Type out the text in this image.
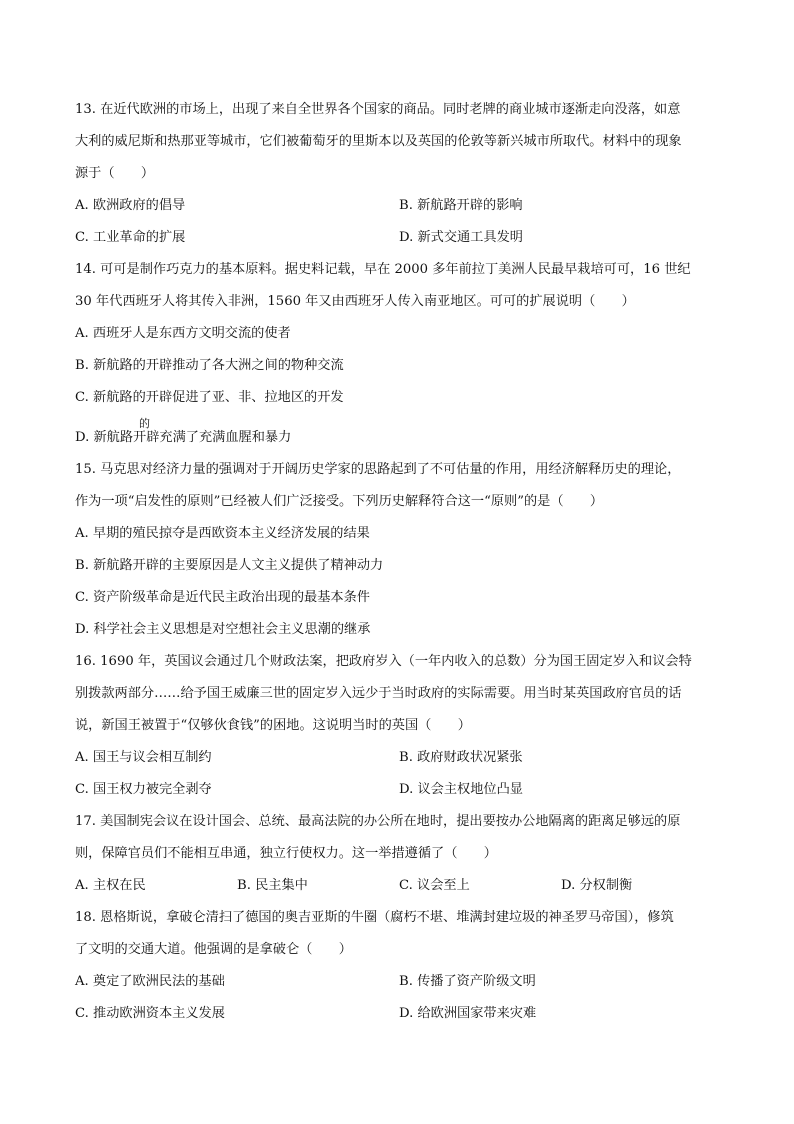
13. 在近代欧洲的市场上，出现了来自全世界各个国家的商品。同时老牌的商业城市逐渐走向没落，如意
大利的威尼斯和热那亚等城市，它们被葡萄牙的里斯本以及英国的伦敦等新兴城市所取代。材料中的现象
源于（　　）
A. 欧洲政府的倡导	B. 新航路开辟的影响
C. 工业革命的扩展	D. 新式交通工具发明
14. 可可是制作巧克力的基本原料。据史料记载，早在 2000 多年前拉丁美洲人民最早栽培可可，16 世纪
30 年代西班牙人将其传入非洲，1560 年又由西班牙人传入南亚地区。可可的扩展说明（　　）
A. 西班牙人是东西方文明交流的使者
B. 新航路的开辟推动了各大洲之间的物种交流
C. 新航路的开辟促进了亚、非、拉地区的开发
D. 新航路开辟充满了充满血腥和暴力
的
15. 马克思对经济力量的强调对于开阔历史学家的思路起到了不可估量的作用，用经济解释历史的理论，
作为一项“启发性的原则”已经被人们广泛接受。下列历史解释符合这一“原则”的是（　　）
A. 早期的殖民掠夺是西欧资本主义经济发展的结果
B. 新航路开辟的主要原因是人文主义提供了精神动力
C. 资产阶级革命是近代民主政治出现的最基本条件
D. 科学社会主义思想是对空想社会主义思潮的继承
16. 1690 年，英国议会通过几个财政法案，把政府岁入（一年内收入的总数）分为国王固定岁入和议会特
别拨款两部分……给予国王威廉三世的固定岁入远少于当时政府的实际需要。用当时某英国政府官员的话
说，新国王被置于“仅够伙食钱”的困地。这说明当时的英国（　　）
A. 国王与议会相互制约	B. 政府财政状况紧张
C. 国王权力被完全剥夺	D. 议会主权地位凸显
17. 美国制宪会议在设计国会、总统、最高法院的办公所在地时，提出要按办公地隔离的距离足够远的原
则，保障官员们不能相互串通，独立行使权力。这一举措遵循了（　　）
A. 主权在民	B. 民主集中	C. 议会至上	D. 分权制衡
18. 恩格斯说，拿破仑清扫了德国的奥吉亚斯的牛圈（腐朽不堪、堆满封建垃圾的神圣罗马帝国），修筑
了文明的交通大道。他强调的是拿破仑（　　）
A. 奠定了欧洲民法的基础	B. 传播了资产阶级文明
C. 推动欧洲资本主义发展	D. 给欧洲国家带来灾难
